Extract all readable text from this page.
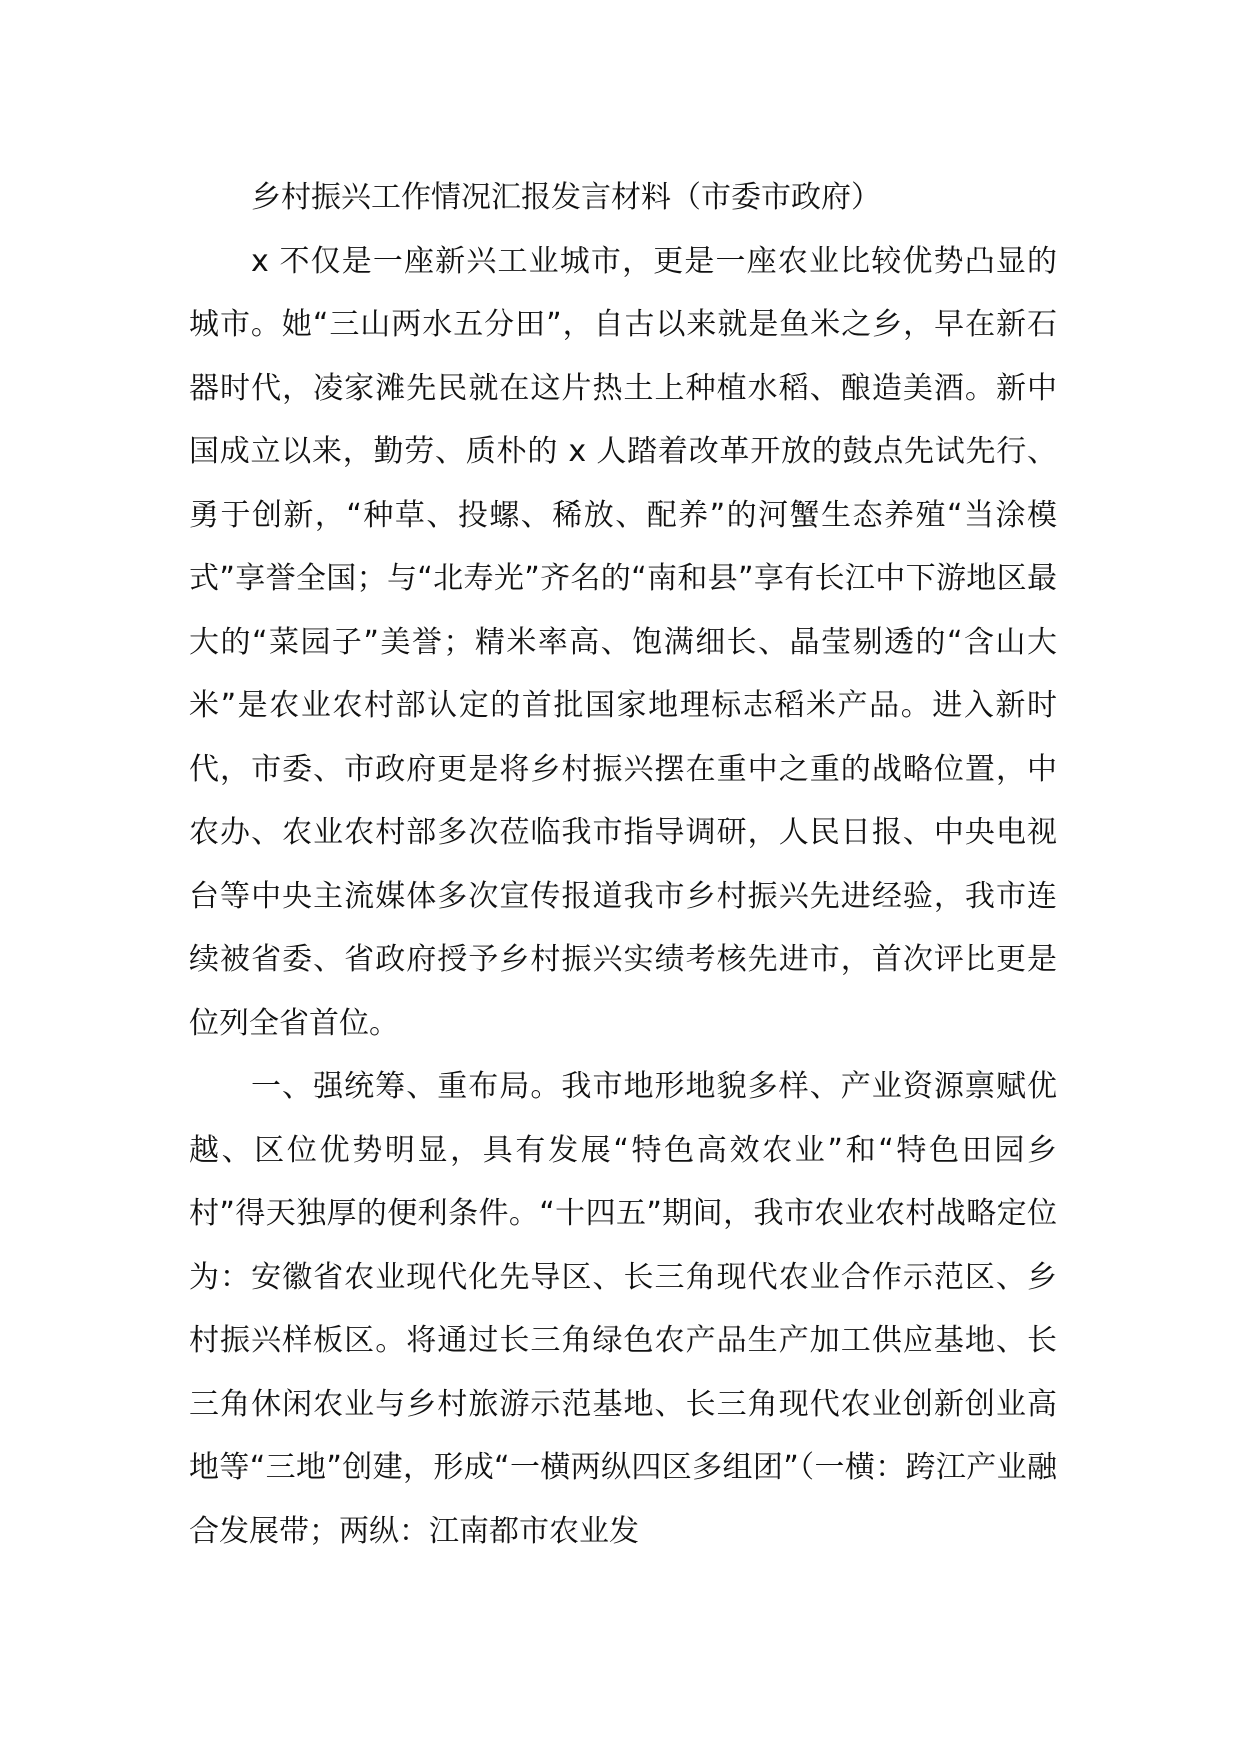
乡村振兴工作情况汇报发言材料（市委市政府）

x 不仅是一座新兴工业城市，更是一座农业比较优势凸显的城市。她“三山两水五分田”，自古以来就是鱼米之乡，早在新石器时代，凌家滩先民就在这片热土上种植水稻、酿造美酒。新中国成立以来，勤劳、质朴的 x 人踏着改革开放的鼓点先试先行、勇于创新，“种草、投螺、稀放、配养”的河蟹生态养殖“当涂模式”享誉全国；与“北寿光”齐名的“南和县”享有长江中下游地区最大的“菜园子”美誉；精米率高、饱满细长、晶莹剔透的“含山大米”是农业农村部认定的首批国家地理标志稻米产品。进入新时代，市委、市政府更是将乡村振兴摆在重中之重的战略位置，中农办、农业农村部多次莅临我市指导调研，人民日报、中央电视台等中央主流媒体多次宣传报道我市乡村振兴先进经验，我市连续被省委、省政府授予乡村振兴实绩考核先进市，首次评比更是位列全省首位。

一、强统筹、重布局。我市地形地貌多样、产业资源禀赋优越、区位优势明显，具有发展“特色高效农业”和“特色田园乡村”得天独厚的便利条件。“十四五”期间，我市农业农村战略定位为：安徽省农业现代化先导区、长三角现代农业合作示范区、乡村振兴样板区。将通过长三角绿色农产品生产加工供应基地、长三角休闲农业与乡村旅游示范基地、长三角现代农业创新创业高地等“三地”创建，形成“一横两纵四区多组团”（一横：跨江产业融合发展带；两纵：江南都市农业发
